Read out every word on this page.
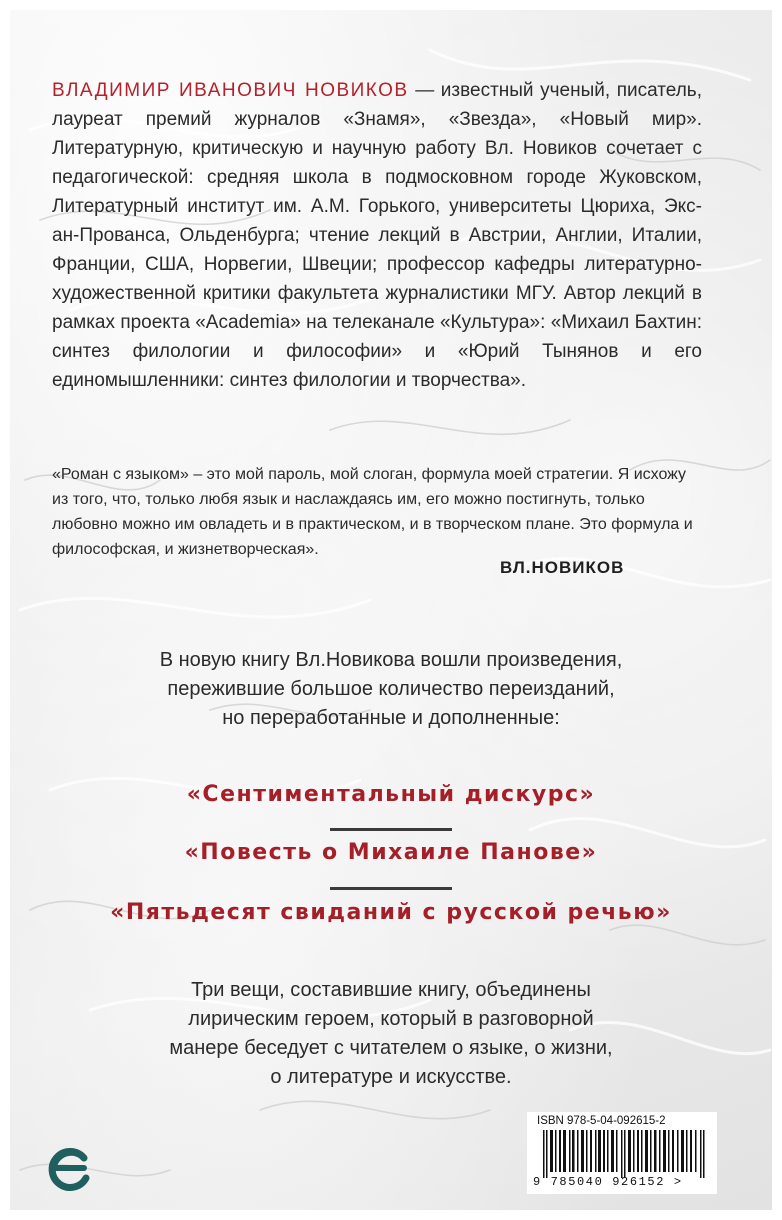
ВЛАДИМИР ИВАНОВИЧ НОВИКОВ — известный ученый, писатель, лауреат премий журналов «Знамя», «Звезда», «Новый мир». Литературную, критическую и научную работу Вл. Новиков сочетает с педагогической: средняя школа в подмосковном городе Жуковском, Литературный институт им. А.М. Горького, университеты Цюриха, Экс-ан-Прованса, Ольденбурга; чтение лекций в Австрии, Англии, Италии, Франции, США, Норвегии, Швеции; профессор кафедры литературно-художественной критики факультета журналистики МГУ. Автор лекций в рамках проекта «Academia» на телеканале «Культура»: «Михаил Бахтин: синтез филологии и философии» и «Юрий Тынянов и его единомышленники: синтез филологии и творчества».
«Роман с языком» – это мой пароль, мой слоган, формула моей стратегии. Я исхожу из того, что, только любя язык и наслаждаясь им, его можно постигнуть, только любовно можно им овладеть и в практическом, и в творческом плане. Это формула и философская, и жизнетворческая».
ВЛ.НОВИКОВ
В новую книгу Вл.Новикова вошли произведения,
пережившие большое количество переизданий,
но переработанные и дополненные:
«Сентиментальный дискурс»
«Повесть о Михаиле Панове»
«Пятьдесят свиданий с русской речью»
Три вещи, составившие книгу, объединены
лирическим героем, который в разговорной
манере беседует с читателем о языке, о жизни,
о литературе и искусстве.
ISBN 978-5-04-092615-2
9 785040 926152 >
